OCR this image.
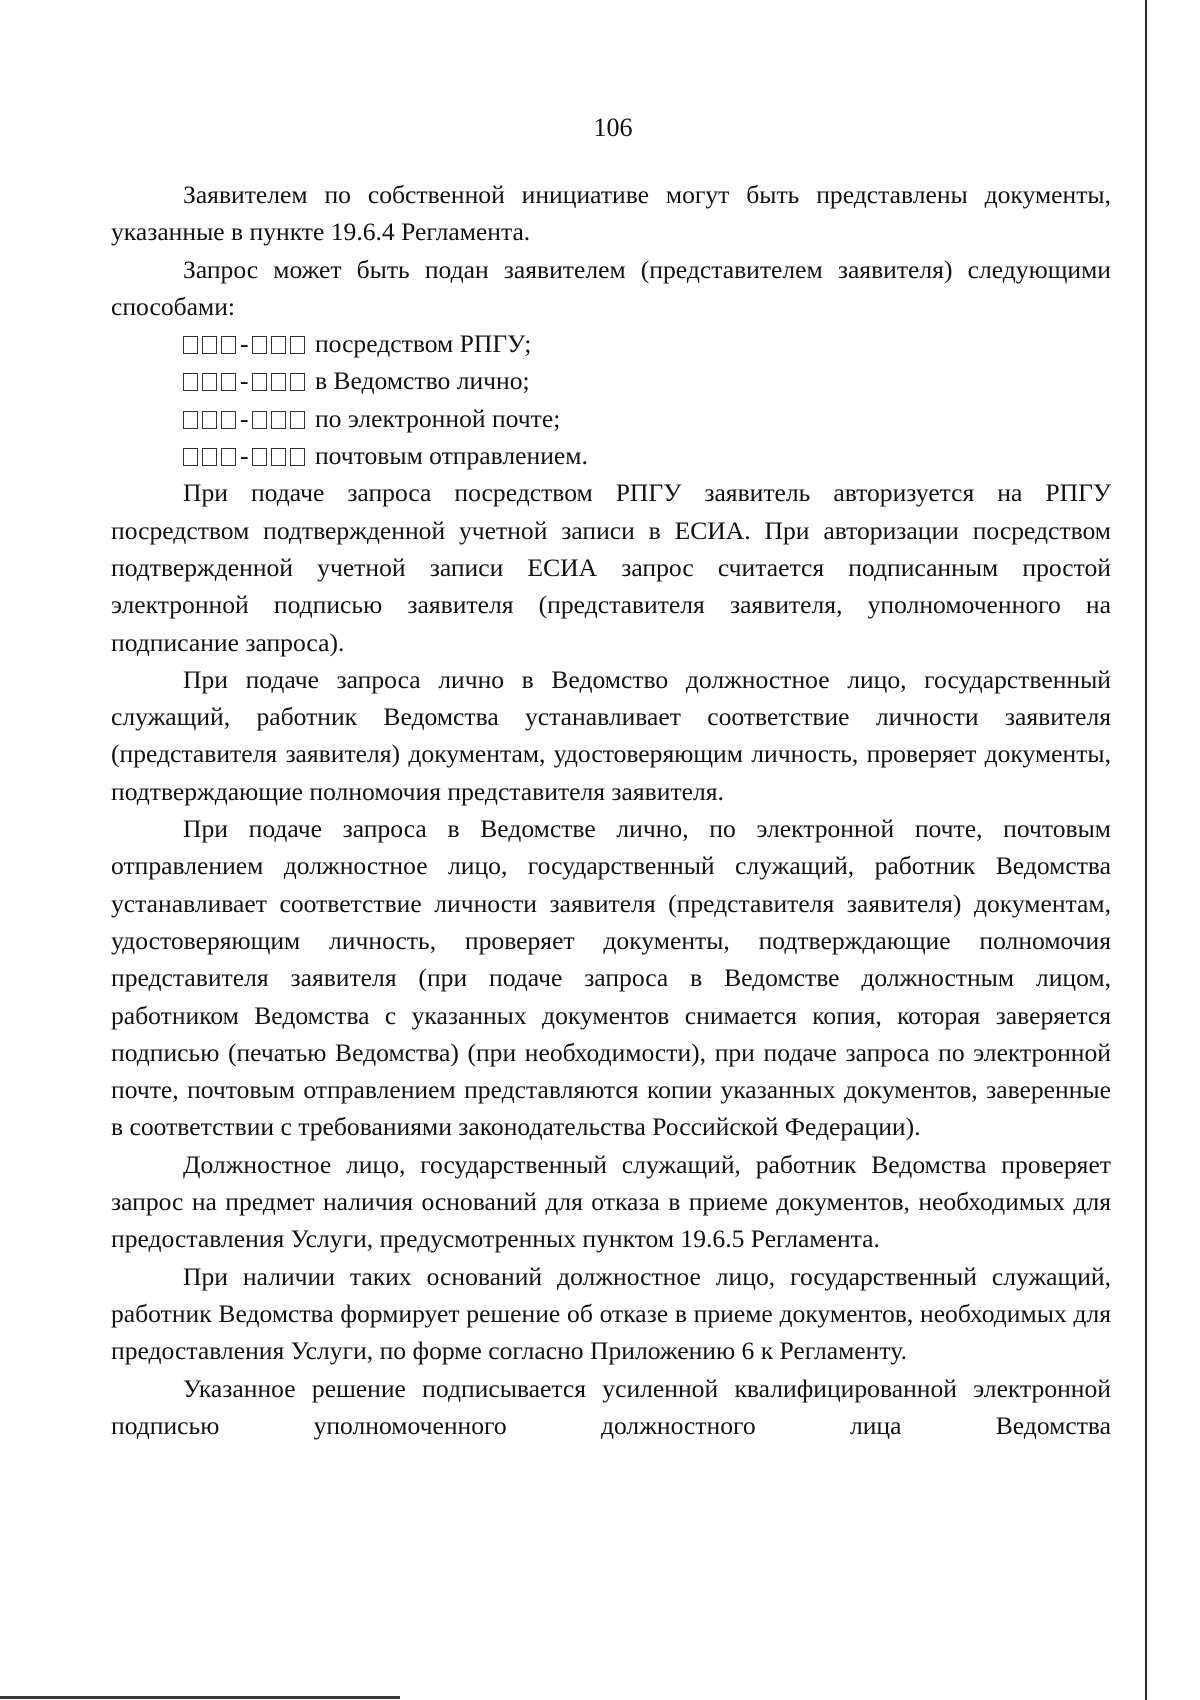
106

Заявителем по собственной инициативе могут быть представлены документы, указанные в пункте 19.6.4 Регламента.

Запрос может быть подан заявителем (представителем заявителя) следующими способами:

-	посредством РПГУ;

-	в Ведомство лично;

-	по электронной почте;

-	почтовым отправлением.

При подаче запроса посредством РПГУ заявитель авторизуется на РПГУ посредством подтвержденной учетной записи в ЕСИА. При авторизации посредством подтвержденной учетной записи ЕСИА запрос считается подписанным простой электронной подписью заявителя (представителя заявителя, уполномоченного на подписание запроса).

При подаче запроса лично в Ведомство должностное лицо, государственный служащий, работник Ведомства устанавливает соответствие личности заявителя (представителя заявителя) документам, удостоверяющим личность, проверяет документы, подтверждающие полномочия представителя заявителя.

При подаче запроса в Ведомстве лично, по электронной почте, почтовым отправлением должностное лицо, государственный служащий, работник Ведомства устанавливает соответствие личности заявителя (представителя заявителя) документам, удостоверяющим личность, проверяет документы, подтверждающие полномочия представителя заявителя (при подаче запроса в Ведомстве должностным лицом, работником Ведомства с указанных документов снимается копия, которая заверяется подписью (печатью Ведомства) (при необходимости), при подаче запроса по электронной почте, почтовым отправлением представляются копии указанных документов, заверенные в соответствии с требованиями законодательства Российской Федерации).

Должностное лицо, государственный служащий, работник Ведомства проверяет запрос на предмет наличия оснований для отказа в приеме документов, необходимых для предоставления Услуги, предусмотренных пунктом 19.6.5 Регламента.

При наличии таких оснований должностное лицо, государственный служащий, работник Ведомства формирует решение об отказе в приеме документов, необходимых для предоставления Услуги, по форме согласно Приложению 6 к Регламенту.

Указанное решение подписывается усиленной квалифицированной электронной подписью уполномоченного должностного лица Ведомства
